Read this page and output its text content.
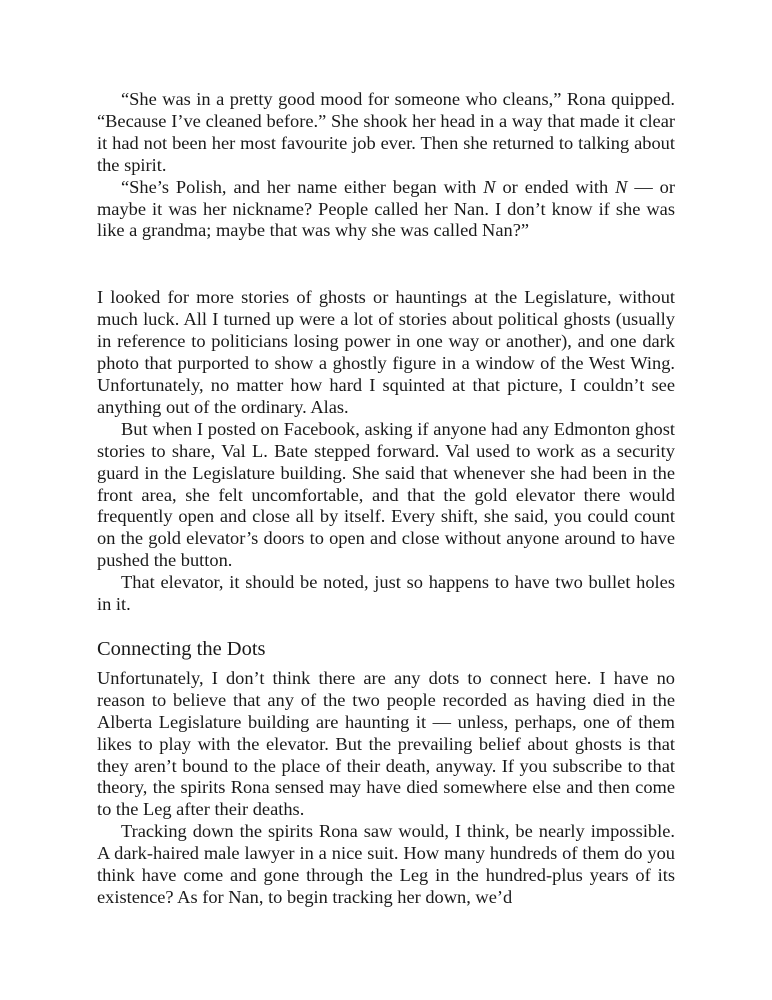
“She was in a pretty good mood for someone who cleans,” Rona quipped. “Because I’ve cleaned before.” She shook her head in a way that made it clear it had not been her most favourite job ever. Then she returned to talking about the spirit.

“She’s Polish, and her name either began with N or ended with N — or maybe it was her nickname? People called her Nan. I don’t know if she was like a grandma; maybe that was why she was called Nan?”

I looked for more stories of ghosts or hauntings at the Legislature, without much luck. All I turned up were a lot of stories about political ghosts (usually in reference to politicians losing power in one way or another), and one dark photo that purported to show a ghostly figure in a window of the West Wing. Unfortunately, no matter how hard I squinted at that picture, I couldn’t see anything out of the ordinary. Alas.

But when I posted on Facebook, asking if anyone had any Edmonton ghost stories to share, Val L. Bate stepped forward. Val used to work as a security guard in the Legislature building. She said that whenever she had been in the front area, she felt uncomfortable, and that the gold elevator there would frequently open and close all by itself. Every shift, she said, you could count on the gold elevator’s doors to open and close without anyone around to have pushed the button.

That elevator, it should be noted, just so happens to have two bullet holes in it.

Connecting the Dots

Unfortunately, I don’t think there are any dots to connect here. I have no reason to believe that any of the two people recorded as having died in the Alberta Legislature building are haunting it — unless, perhaps, one of them likes to play with the elevator. But the prevailing belief about ghosts is that they aren’t bound to the place of their death, anyway. If you subscribe to that theory, the spirits Rona sensed may have died somewhere else and then come to the Leg after their deaths.

Tracking down the spirits Rona saw would, I think, be nearly impossible. A dark-haired male lawyer in a nice suit. How many hundreds of them do you think have come and gone through the Leg in the hundred-plus years of its existence? As for Nan, to begin tracking her down, we’d
